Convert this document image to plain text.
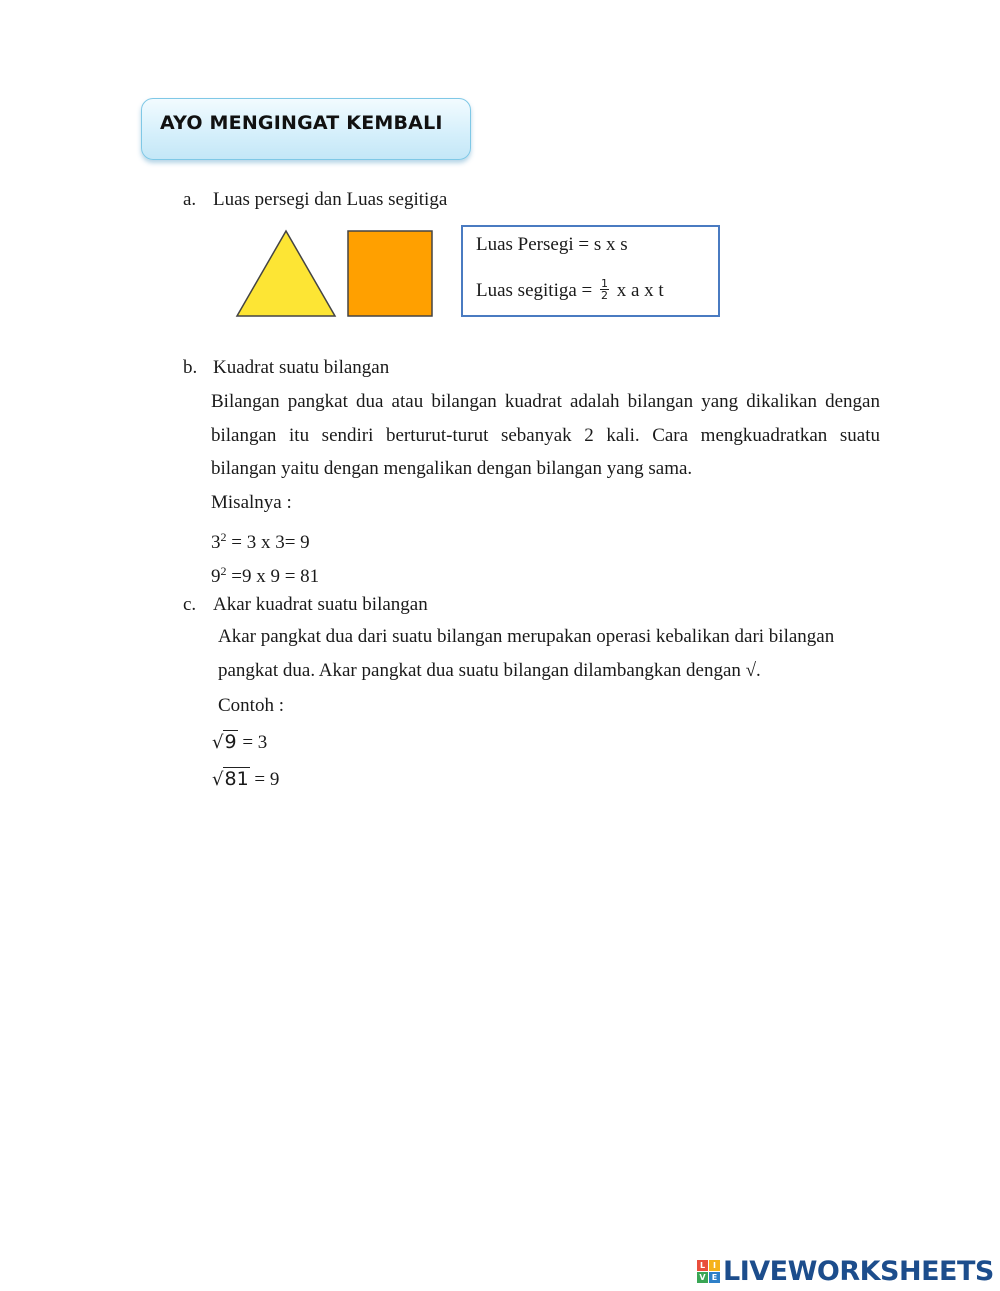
AYO MENGINGAT KEMBALI
a. Luas persegi dan Luas segitiga
Luas Persegi = s x s
Luas segitiga = $\frac{1}{2}$ x a x t
b. Kuadrat suatu bilangan
Bilangan pangkat dua atau bilangan kuadrat adalah bilangan yang dikalikan dengan
bilangan itu sendiri berturut-turut sebanyak 2 kali. Cara mengkuadratkan suatu
bilangan yaitu dengan mengalikan dengan bilangan yang sama.
Misalnya :
$3^2 = 3$ x 3= 9
$9^2 =9$ x 9 = 81
c. Akar kuadrat suatu bilangan
Akar pangkat dua dari suatu bilangan merupakan operasi kebalikan dari bilangan
pangkat dua. Akar pangkat dua suatu bilangan dilambangkan dengan √.
Contoh :
√9 = 3
√81 = 9
L I
V E LIVEWORKSHEETS
